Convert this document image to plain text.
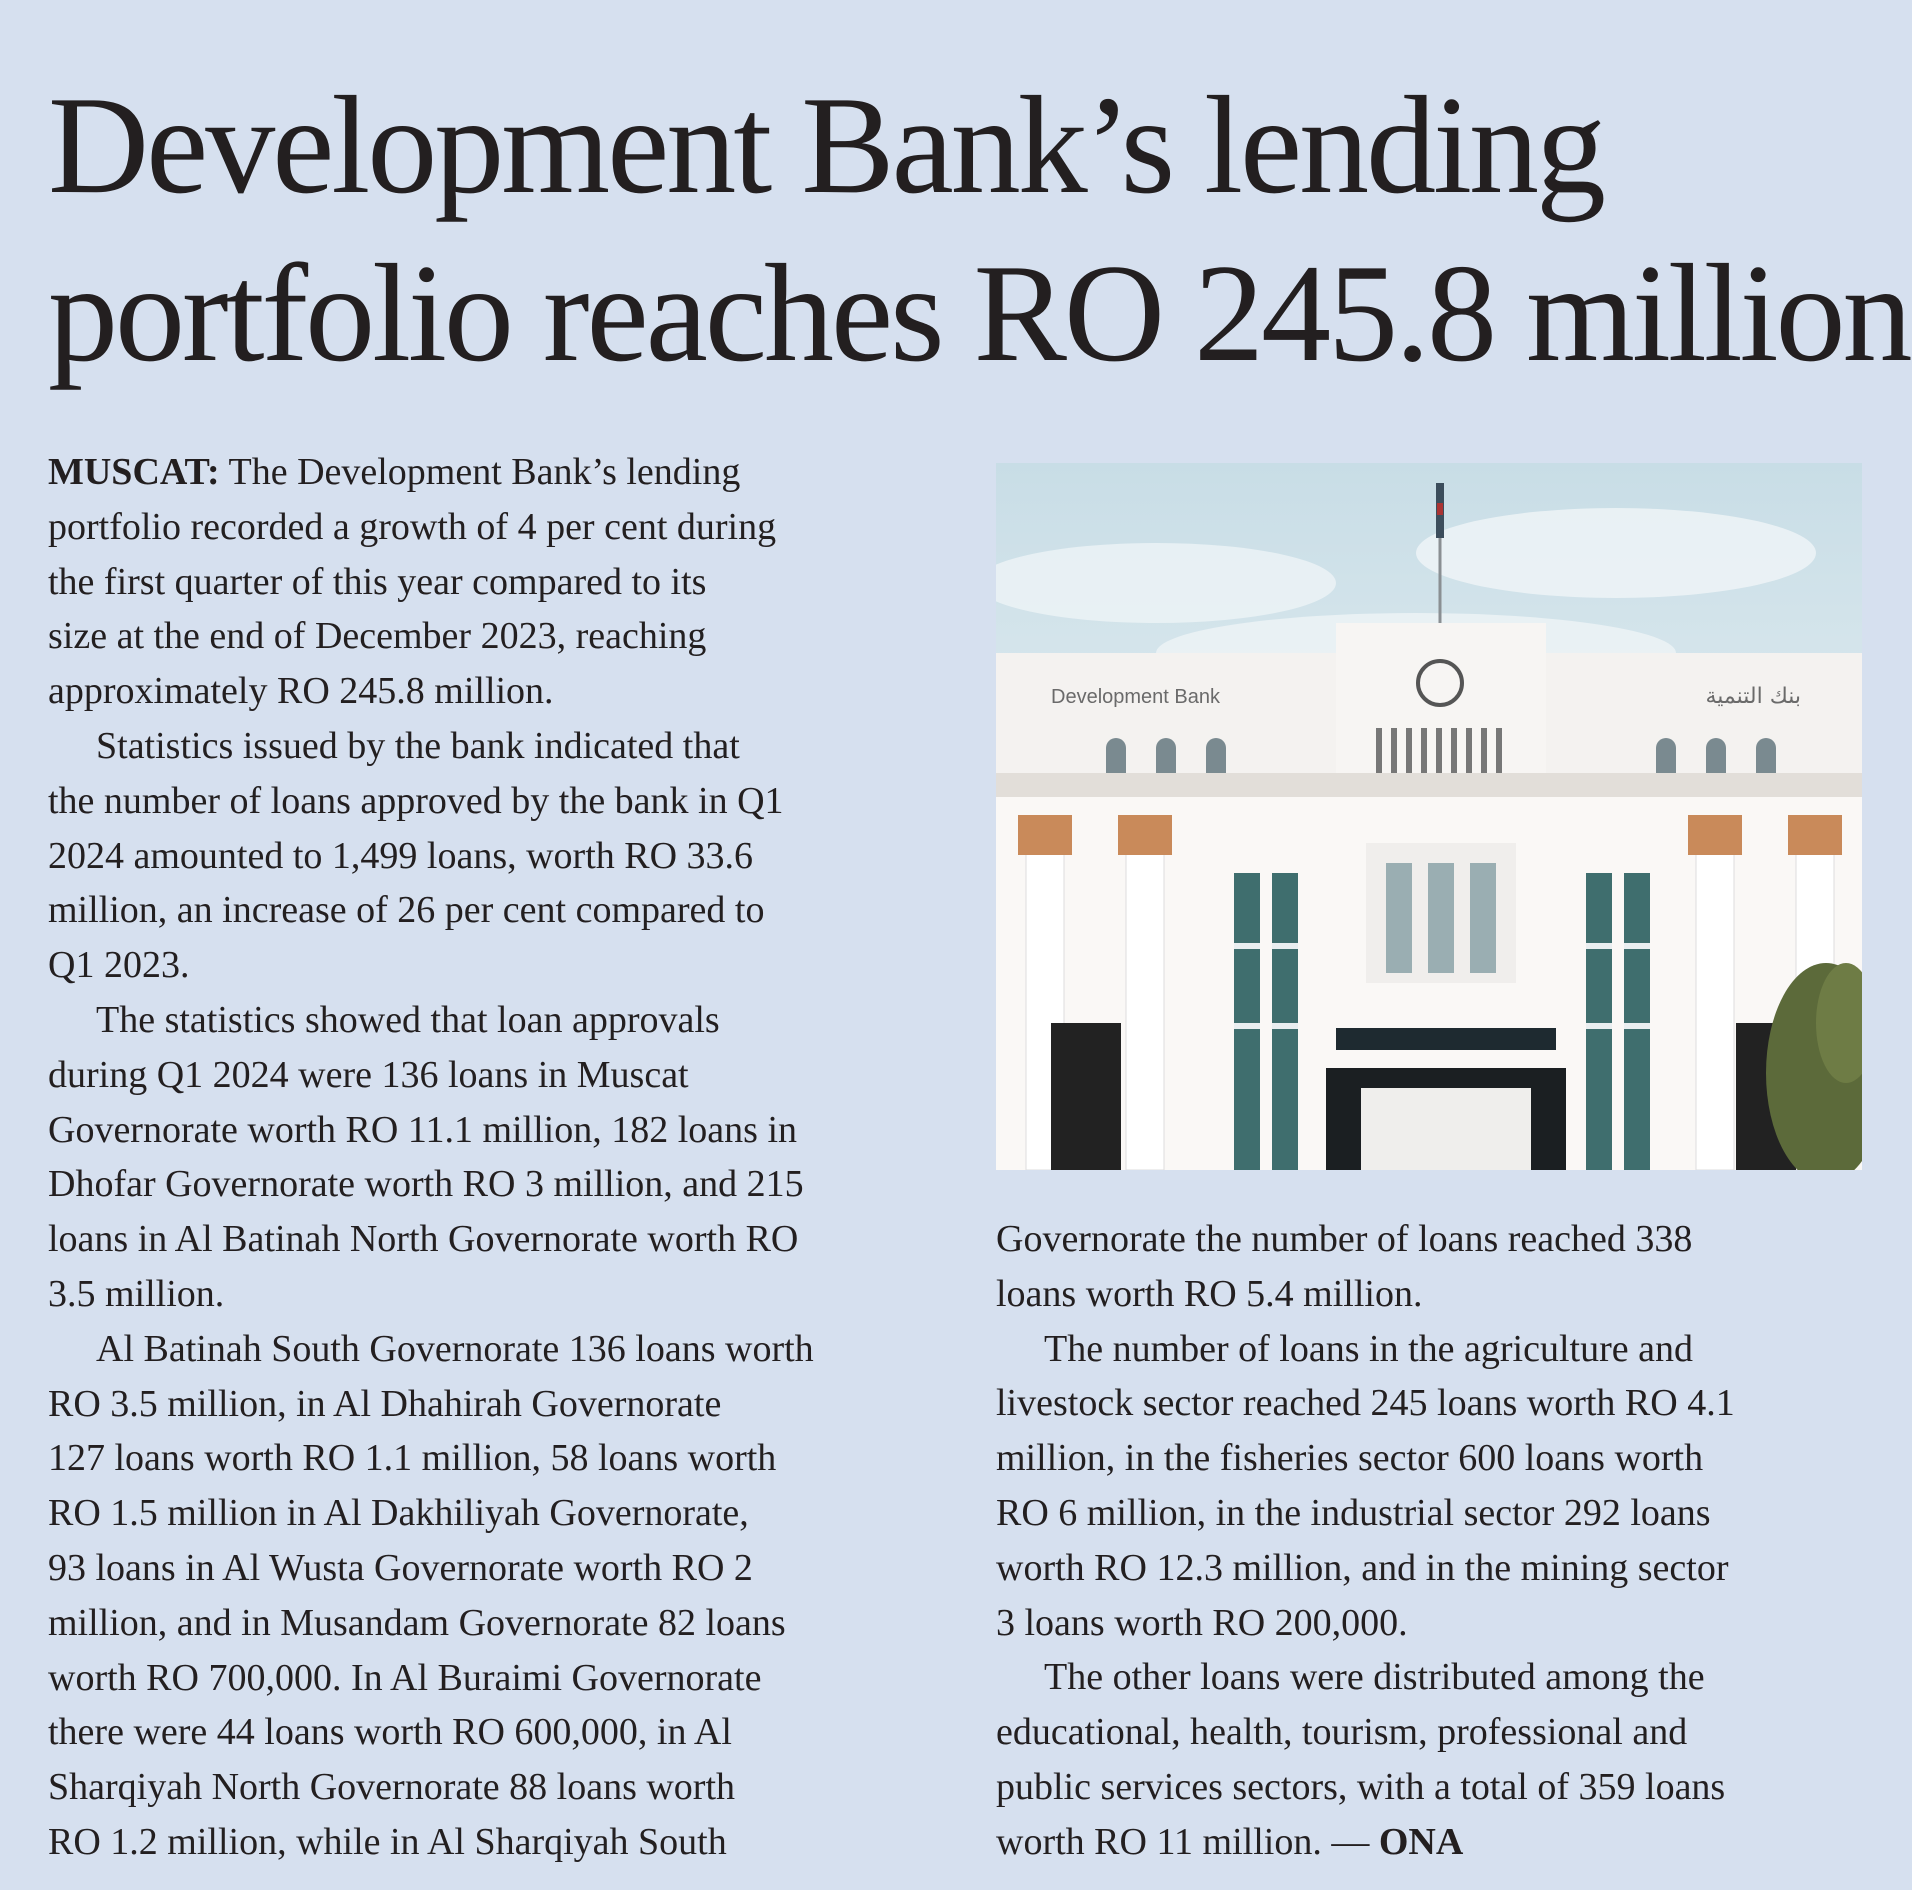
Development Bank’s lending
portfolio reaches RO 245.8 million
MUSCAT: The Development Bank’s lending
portfolio recorded a growth of 4 per cent during
the first quarter of this year compared to its
size at the end of December 2023, reaching
approximately RO 245.8 million.
Statistics issued by the bank indicated that
the number of loans approved by the bank in Q1
2024 amounted to 1,499 loans, worth RO 33.6
million, an increase of 26 per cent compared to
Q1 2023.
The statistics showed that loan approvals
during Q1 2024 were 136 loans in Muscat
Governorate worth RO 11.1 million, 182 loans in
Dhofar Governorate worth RO 3 million, and 215
loans in Al Batinah North Governorate worth RO
3.5 million.
Al Batinah South Governorate 136 loans worth
RO 3.5 million, in Al Dhahirah Governorate
127 loans worth RO 1.1 million, 58 loans worth
RO 1.5 million in Al Dakhiliyah Governorate,
93 loans in Al Wusta Governorate worth RO 2
million, and in Musandam Governorate 82 loans
worth RO 700,000. In Al Buraimi Governorate
there were 44 loans worth RO 600,000, in Al
Sharqiyah North Governorate 88 loans worth
RO 1.2 million, while in Al Sharqiyah South
Development Bank	بنك التنمية
Governorate the number of loans reached 338
loans worth RO 5.4 million.
The number of loans in the agriculture and
livestock sector reached 245 loans worth RO 4.1
million, in the fisheries sector 600 loans worth
RO 6 million, in the industrial sector 292 loans
worth RO 12.3 million, and in the mining sector
3 loans worth RO 200,000.
The other loans were distributed among the
educational, health, tourism, professional and
public services sectors, with a total of 359 loans
worth RO 11 million. — ONA
